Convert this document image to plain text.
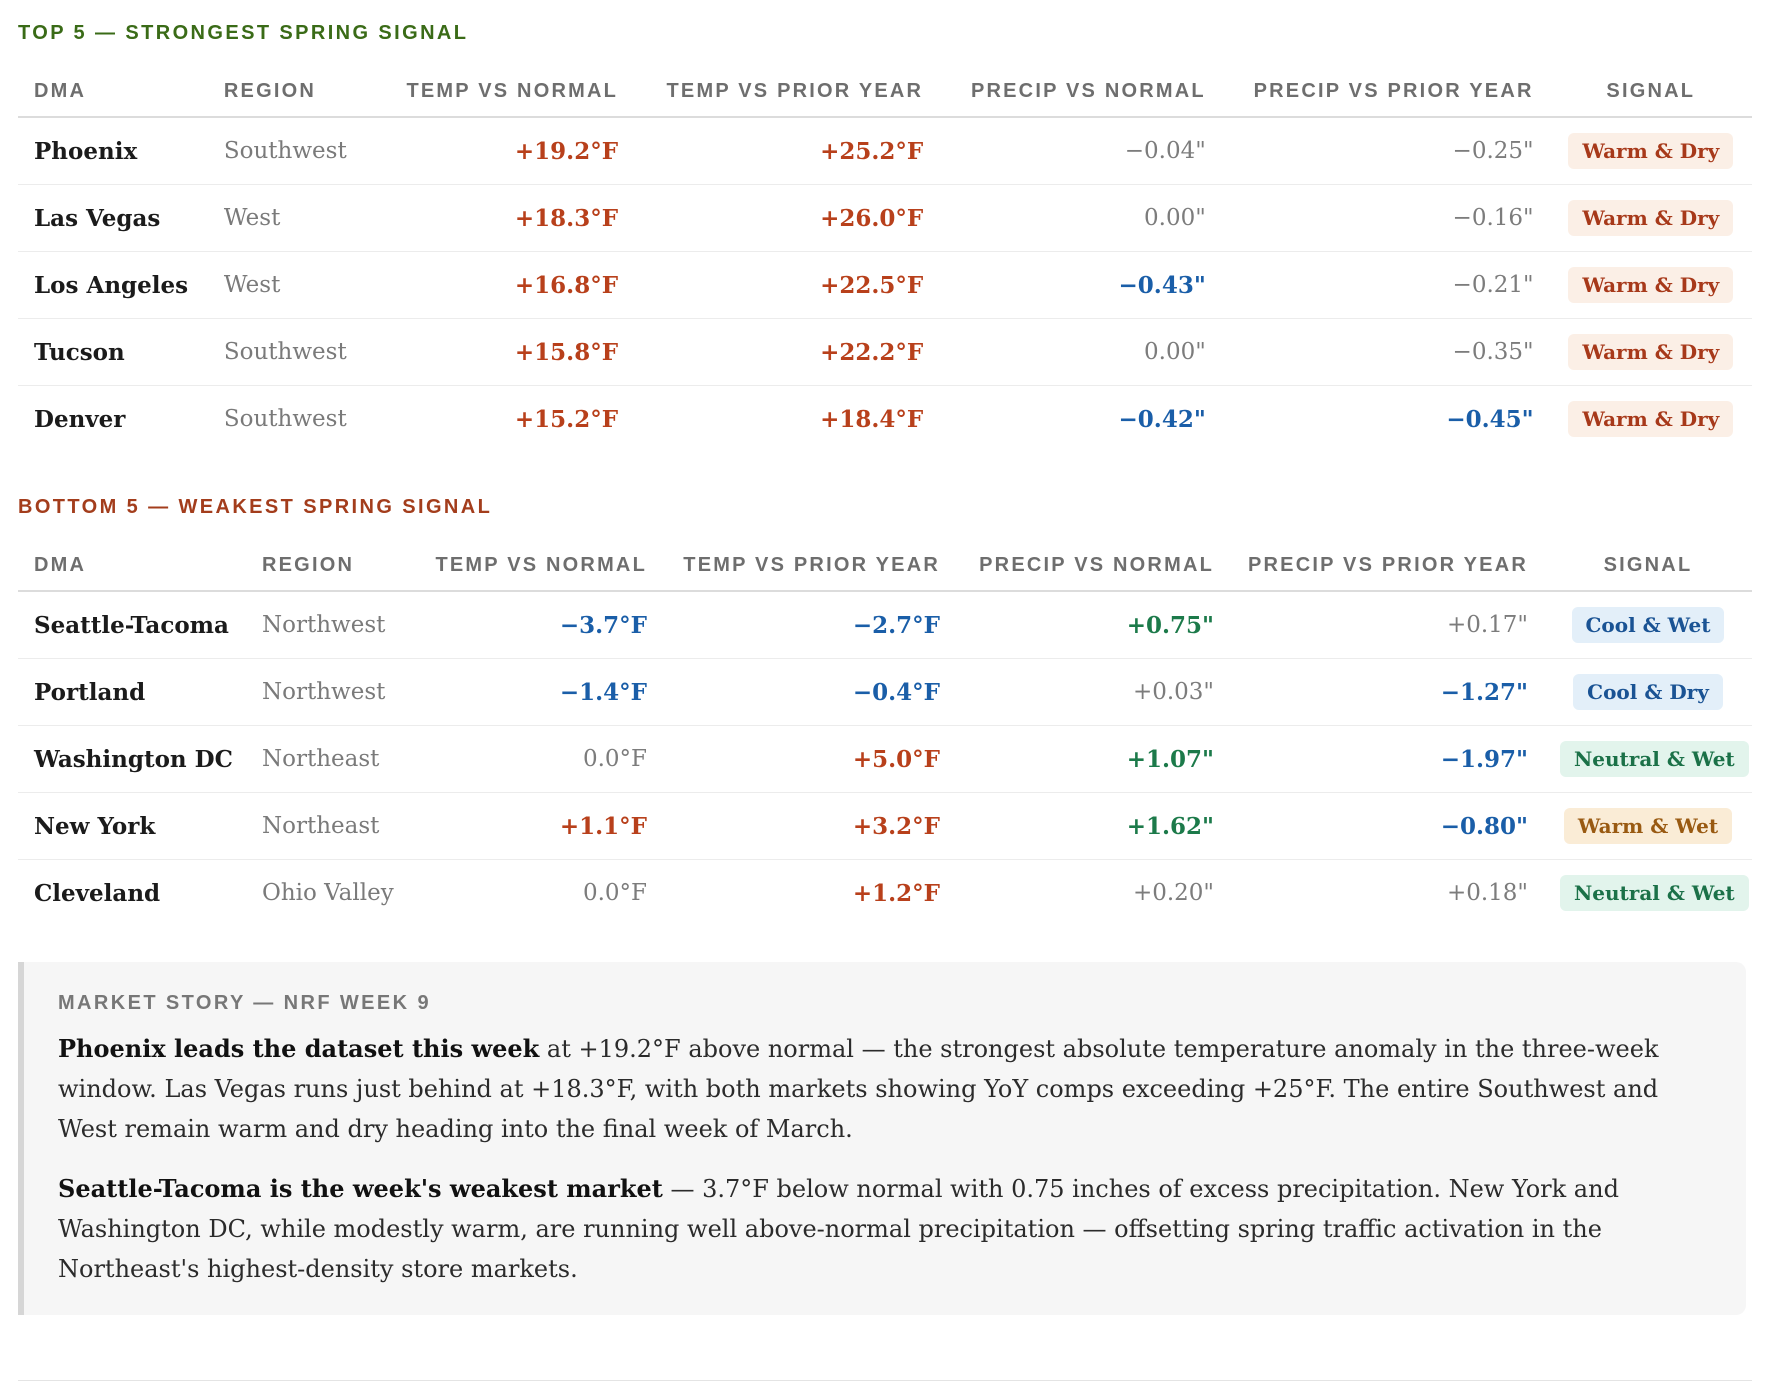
TOP 5 — STRONGEST SPRING SIGNAL
DMA	REGION	TEMP VS NORMAL	TEMP VS PRIOR YEAR	PRECIP VS NORMAL	PRECIP VS PRIOR YEAR	SIGNAL
Phoenix	Southwest	+19.2°F	+25.2°F	−0.04"	−0.25"	Warm & Dry
Las Vegas	West	+18.3°F	+26.0°F	0.00"	−0.16"	Warm & Dry
Los Angeles	West	+16.8°F	+22.5°F	−0.43"	−0.21"	Warm & Dry
Tucson	Southwest	+15.8°F	+22.2°F	0.00"	−0.35"	Warm & Dry
Denver	Southwest	+15.2°F	+18.4°F	−0.42"	−0.45"	Warm & Dry
BOTTOM 5 — WEAKEST SPRING SIGNAL
DMA	REGION	TEMP VS NORMAL	TEMP VS PRIOR YEAR	PRECIP VS NORMAL	PRECIP VS PRIOR YEAR	SIGNAL
Seattle-Tacoma	Northwest	−3.7°F	−2.7°F	+0.75"	+0.17"	Cool & Wet
Portland	Northwest	−1.4°F	−0.4°F	+0.03"	−1.27"	Cool & Dry
Washington DC	Northeast	0.0°F	+5.0°F	+1.07"	−1.97"	Neutral & Wet
New York	Northeast	+1.1°F	+3.2°F	+1.62"	−0.80"	Warm & Wet
Cleveland	Ohio Valley	0.0°F	+1.2°F	+0.20"	+0.18"	Neutral & Wet
MARKET STORY — NRF WEEK 9

Phoenix leads the dataset this week at +19.2°F above normal — the strongest absolute temperature anomaly in the three-week window. Las Vegas runs just behind at +18.3°F, with both markets showing YoY comps exceeding +25°F. The entire Southwest and West remain warm and dry heading into the final week of March.

Seattle-Tacoma is the week's weakest market — 3.7°F below normal with 0.75 inches of excess precipitation. New York and Washington DC, while modestly warm, are running well above-normal precipitation — offsetting spring traffic activation in the Northeast's highest-density store markets.
